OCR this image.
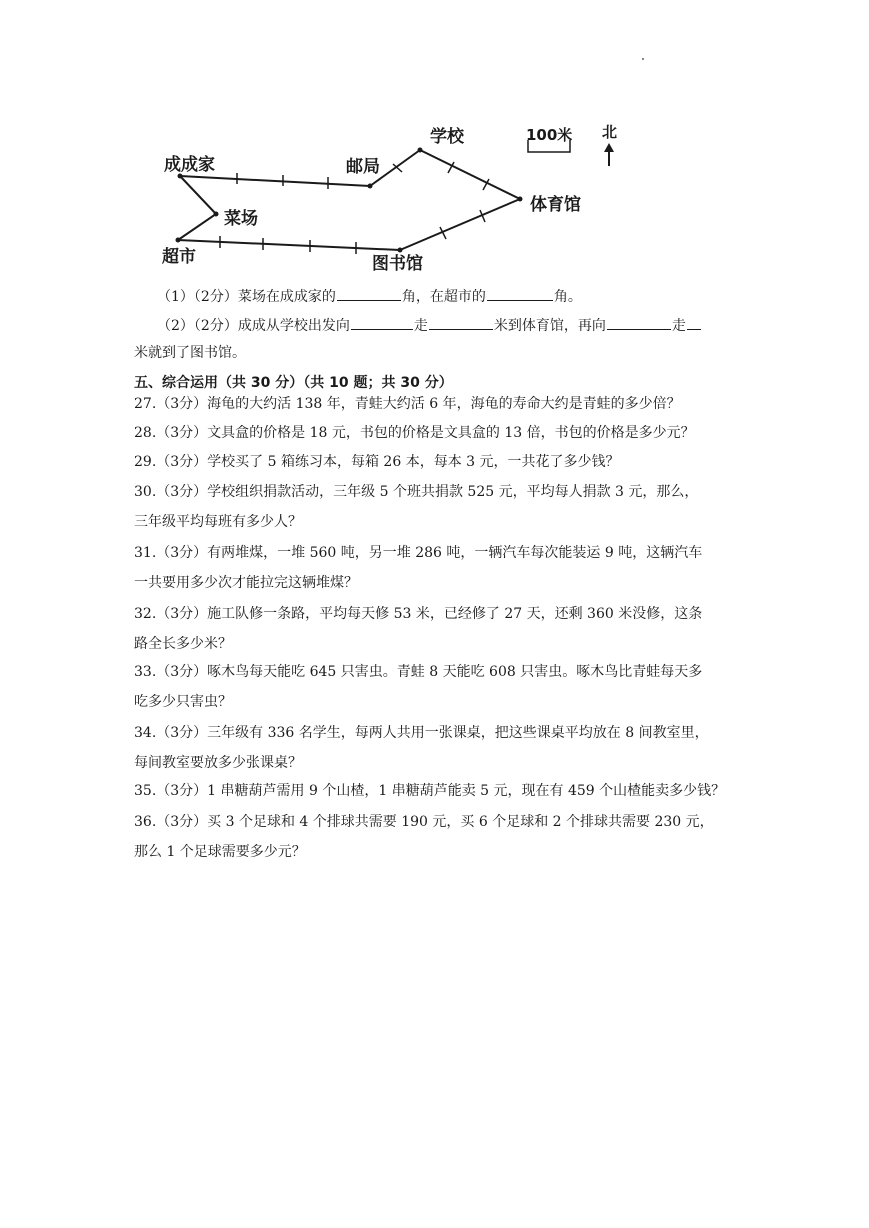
成成家	邮局
学校
体育馆
图书馆
超市
菜场
100米 北
（1）（2分）菜场在成成家的	角，在超市的	角。
（2）（2分）成成从学校出发向	走	米到体育馆，再向	走
米就到了图书馆。
五、综合运用（共 30 分）（共 10 题；共 30 分）

27.（3分）海龟的大约活 138 年，青蛙大约活 6 年，海龟的寿命大约是青蛙的多少倍？

28.（3分）文具盒的价格是 18 元，书包的价格是文具盒的 13 倍，书包的价格是多少元？

29.（3分）学校买了 5 箱练习本，每箱 26 本，每本 3 元，一共花了多少钱？

30.（3分）学校组织捐款活动，三年级 5 个班共捐款 525 元，平均每人捐款 3 元，那么，

三年级平均每班有多少人？

31.（3分）有两堆煤，一堆 560 吨，另一堆 286 吨，一辆汽车每次能装运 9 吨，这辆汽车

一共要用多少次才能拉完这辆堆煤？

32.（3分）施工队修一条路，平均每天修 53 米，已经修了 27 天，还剩 360 米没修，这条

路全长多少米？

33.（3分）啄木鸟每天能吃 645 只害虫。青蛙 8 天能吃 608 只害虫。啄木鸟比青蛙每天多

吃多少只害虫？

34.（3分）三年级有 336 名学生，每两人共用一张课桌，把这些课桌平均放在 8 间教室里，

每间教室要放多少张课桌？

35.（3分）1 串糖葫芦需用 9 个山楂，1 串糖葫芦能卖 5 元，现在有 459 个山楂能卖多少钱？

36.（3分）买 3 个足球和 4 个排球共需要 190 元，买 6 个足球和 2 个排球共需要 230 元，

那么 1 个足球需要多少元？
